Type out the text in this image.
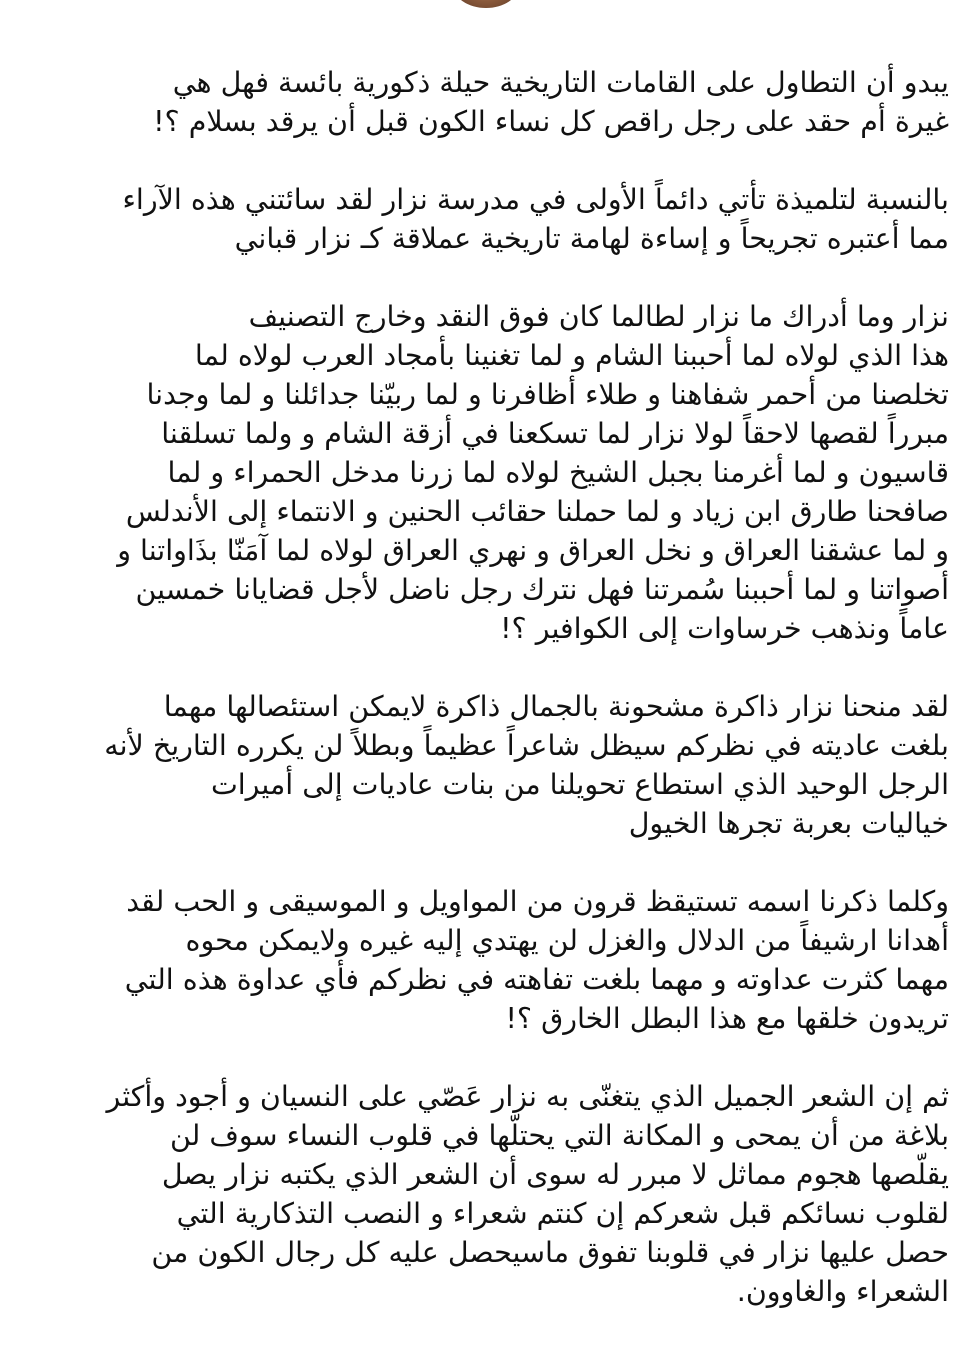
يبدو أن التطاول على القامات التاريخية حيلة ذكورية بائسة فهل هي
غيرة أم حقد على رجل راقص كل نساء الكون قبل أن يرقد بسلام ؟!

بالنسبة لتلميذة تأتي دائماً الأولى في مدرسة نزار لقد سائتني هذه الآراء
مما أعتبره تجريحاً و إساءة لهامة تاريخية عملاقة كـ نزار قباني

نزار وما أدراك ما نزار لطالما كان فوق النقد وخارج التصنيف
هذا الذي لولاه لما أحببنا الشام و لما تغنينا بأمجاد العرب لولاه لما
تخلصنا من أحمر شفاهنا و طلاء أظافرنا و لما ربيّنا جدائلنا و لما وجدنا
مبرراً لقصها لاحقاً لولا نزار لما تسكعنا في أزقة الشام و ولما تسلقنا
قاسيون و لما أغرمنا بجبل الشيخ لولاه لما زرنا مدخل الحمراء و لما
صافحنا طارق ابن زياد و لما حملنا حقائب الحنين و الانتماء إلى الأندلس
و لما عشقنا العراق و نخل العراق و نهري العراق لولاه لما آمَنّا بذَاواتنا و
أصواتنا و لما أحببنا سُمرتنا فهل نترك رجل ناضل لأجل قضايانا خمسين
عاماً ونذهب خرساوات إلى الكوافير ؟!

لقد منحنا نزار ذاكرة مشحونة بالجمال ذاكرة لايمكن استئصالها مهما
بلغت عاديته في نظركم سيظل شاعراً عظيماً وبطلاً لن يكرره التاريخ لأنه
الرجل الوحيد الذي استطاع تحويلنا من بنات عاديات إلى أميرات
خياليات بعربة تجرها الخيول

وكلما ذكرنا اسمه تستيقظ قرون من المواويل و الموسيقى و الحب لقد
أهدانا ارشيفاً من الدلال والغزل لن يهتدي إليه غيره ولايمكن محوه
مهما كثرت عداوته و مهما بلغت تفاهته في نظركم فأي عداوة هذه التي
تريدون خلقها مع هذا البطل الخارق ؟!

ثم إن الشعر الجميل الذي يتغنّى به نزار عَصّي على النسيان و أجود وأكثر
بلاغة من أن يمحى و المكانة التي يحتلّها في قلوب النساء سوف لن
يقلّصها هجوم مماثل لا مبرر له سوى أن الشعر الذي يكتبه نزار يصل
لقلوب نسائكم قبل شعركم إن كنتم شعراء و النصب التذكارية التي
حصل عليها نزار في قلوبنا تفوق ماسيحصل عليه كل رجال الكون من
الشعراء والغاوون.
